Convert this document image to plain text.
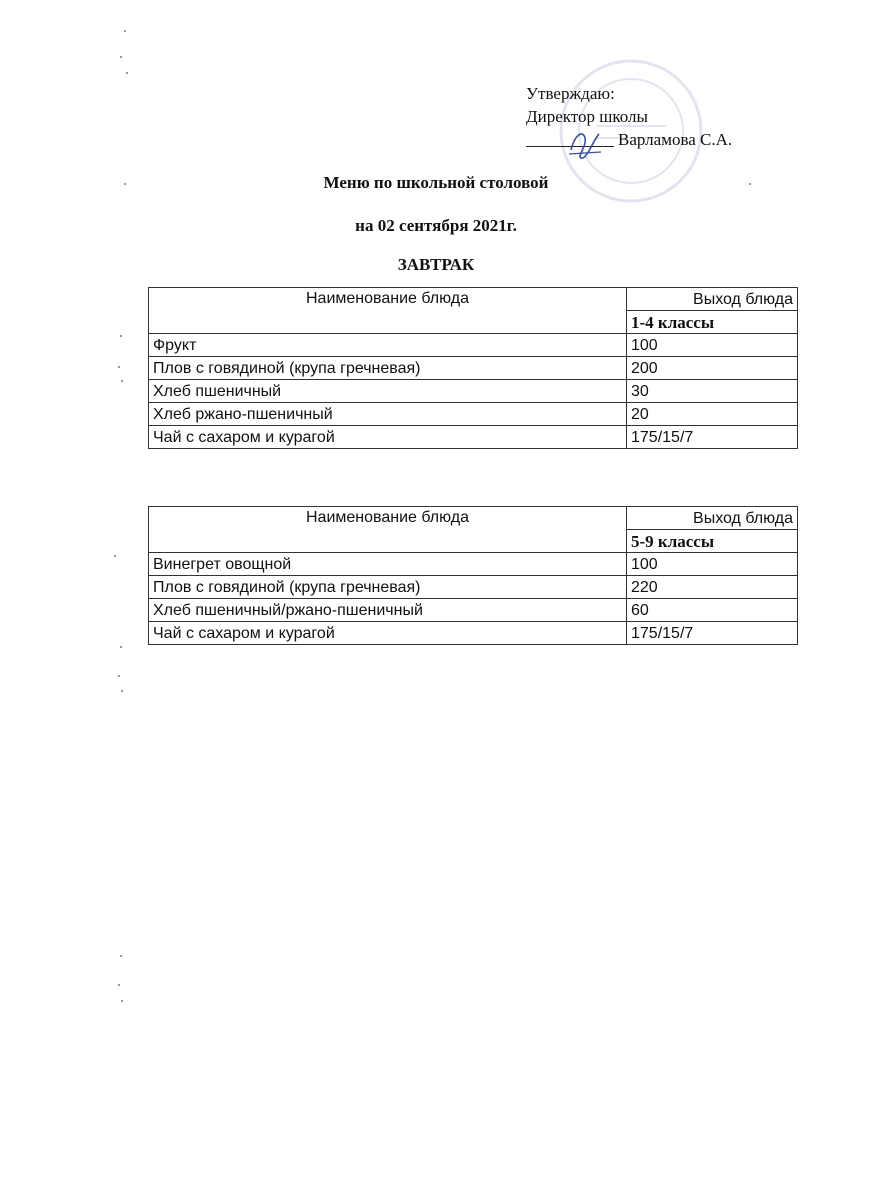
Утверждаю:
Директор школы
Варламова С.А.
Меню по школьной столовой
на 02 сентября 2021г.
ЗАВТРАК
Наименование блюда	Выход блюда
	1-4 классы
Фрукт	100
Плов с говядиной (крупа гречневая)	200
Хлеб пшеничный	30
Хлеб ржано-пшеничный	20
Чай с сахаром и курагой	175/15/7
Наименование блюда	Выход блюда
	5-9 классы
Винегрет овощной	100
Плов с говядиной (крупа гречневая)	220
Хлеб пшеничный/ржано-пшеничный	60
Чай с сахаром и курагой	175/15/7
